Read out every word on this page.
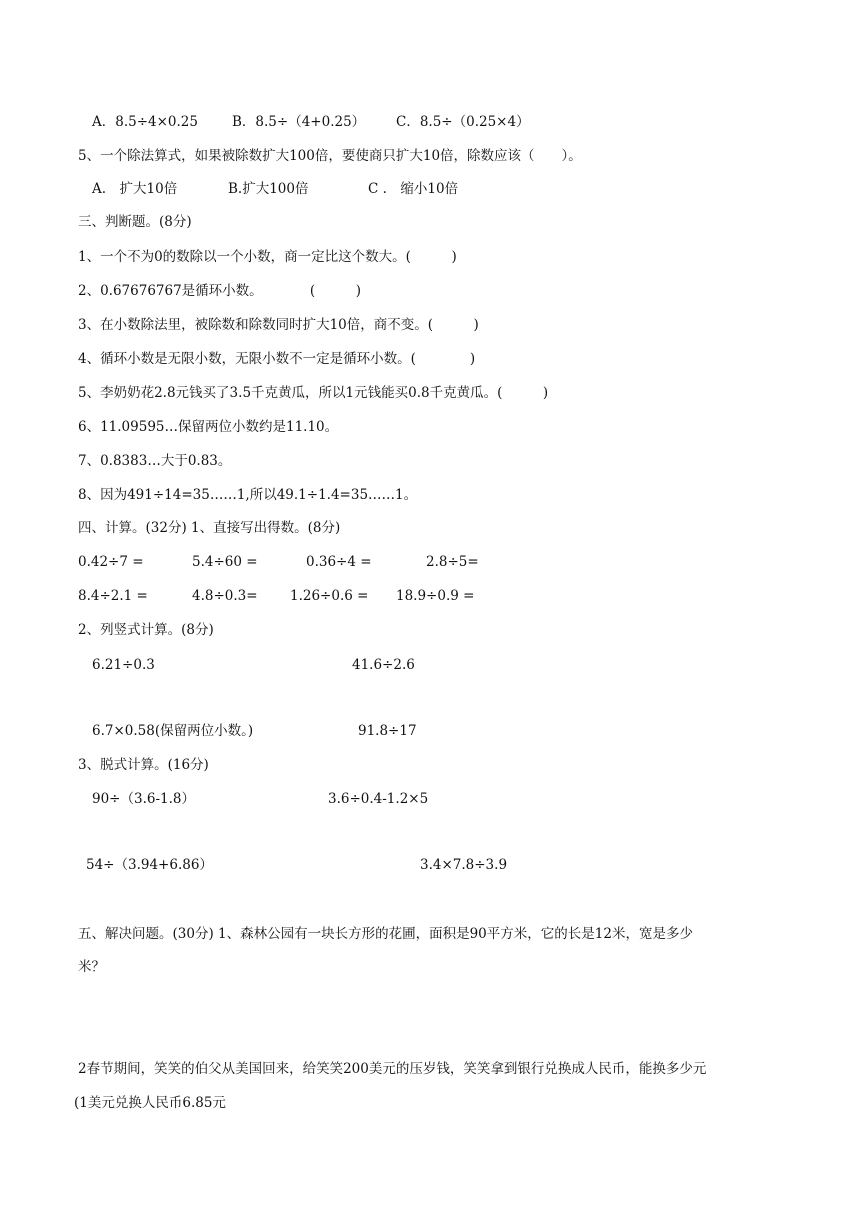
A．8.5÷4×0.25	B．8.5÷（4+0.25） C．8.5÷（0.25×4）
5、一个除法算式，如果被除数扩大100倍，要使商只扩大10倍，除数应该（　　）。
A.　扩大10倍	B.扩大100倍	C .　缩小10倍
三、判断题。(8分)
1、一个不为0的数除以一个小数，商一定比这个数大。(　　　)
2、0.67676767是循环小数。　　　　(　　　)
3、在小数除法里，被除数和除数同时扩大10倍，商不变。(　　　)
4、循环小数是无限小数，无限小数不一定是循环小数。(　　　　)
5、李奶奶花2.8元钱买了3.5千克黄瓜，所以1元钱能买0.8千克黄瓜。(　　　)
6、11.09595…保留两位小数约是11.10。
7、0.8383…大于0.83。
8、因为491÷14=35……1,所以49.1÷1.4=35……1。
四、计算。(32分) 1、直接写出得数。(8分)
0.42÷7 =	5.4÷60 =	0.36÷4 =	2.8÷5=
8.4÷2.1 =	4.8÷0.3= 1.26÷0.6 = 18.9÷0.9 =
2、列竖式计算。(8分)
6.21÷0.3	41.6÷2.6
6.7×0.58(保留两位小数。)	91.8÷17
3、脱式计算。(16分)
90÷（3.6-1.8）	3.6÷0.4-1.2×5
54÷（3.94+6.86）	3.4×7.8÷3.9
五、解决问题。(30分) 1、森林公园有一块长方形的花圃，面积是90平方米，它的长是12米，宽是多少
米？
2春节期间，笑笑的伯父从美国回来，给笑笑200美元的压岁钱，笑笑拿到银行兑换成人民币，能换多少元
(1美元兑换人民币6.85元
